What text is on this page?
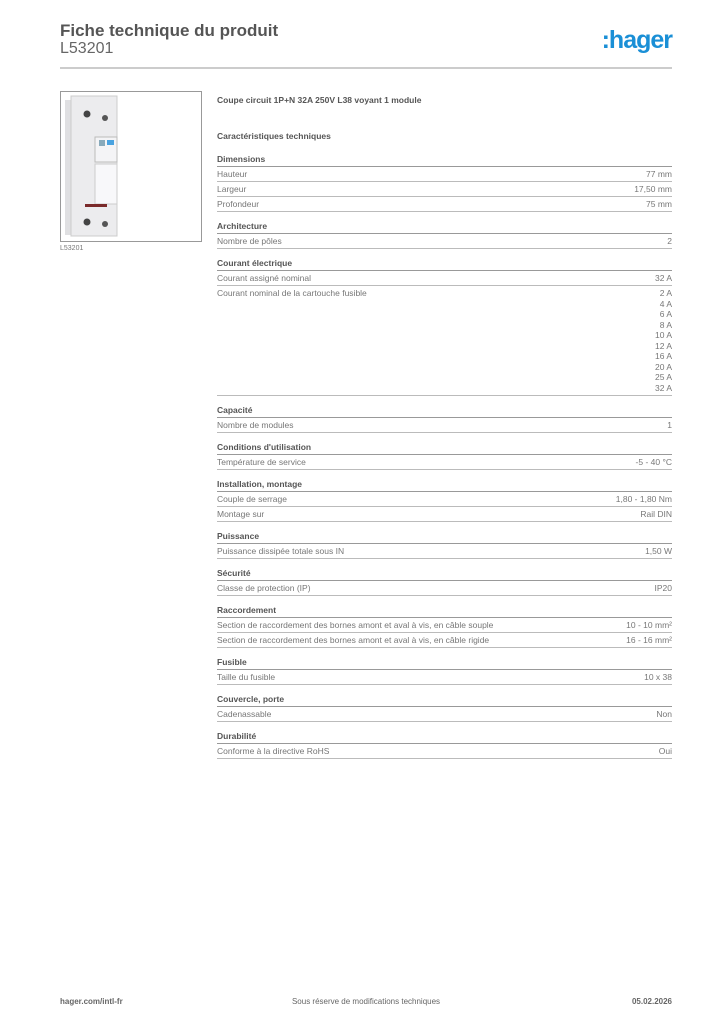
Fiche technique du produit
L53201	:hager
L53201
Coupe circuit 1P+N 32A 250V L38 voyant 1 module
Caractéristiques techniques
Dimensions
Hauteur	77 mm
Largeur	17,50 mm
Profondeur	75 mm
Architecture
Nombre de pôles	2
Courant électrique
Courant assigné nominal	32 A
Courant nominal de la cartouche fusible	2 A
4 A
6 A
8 A
10 A
12 A
16 A
20 A
25 A
32 A
Capacité
Nombre de modules	1
Conditions d'utilisation
Température de service	-5 - 40 °C
Installation, montage
Couple de serrage	1,80 - 1,80 Nm
Montage sur	Rail DIN
Puissance
Puissance dissipée totale sous IN	1,50 W
Sécurité
Classe de protection (IP)	IP20
Raccordement
Section de raccordement des bornes amont et aval à vis, en câble souple	10 - 10 mm²
Section de raccordement des bornes amont et aval à vis, en câble rigide	16 - 16 mm²
Fusible
Taille du fusible	10 x 38
Couvercle, porte
Cadenassable	Non
Durabilité
Conforme à la directive RoHS	Oui
hager.com/intl-fr	Sous réserve de modifications techniques	05.02.2026
